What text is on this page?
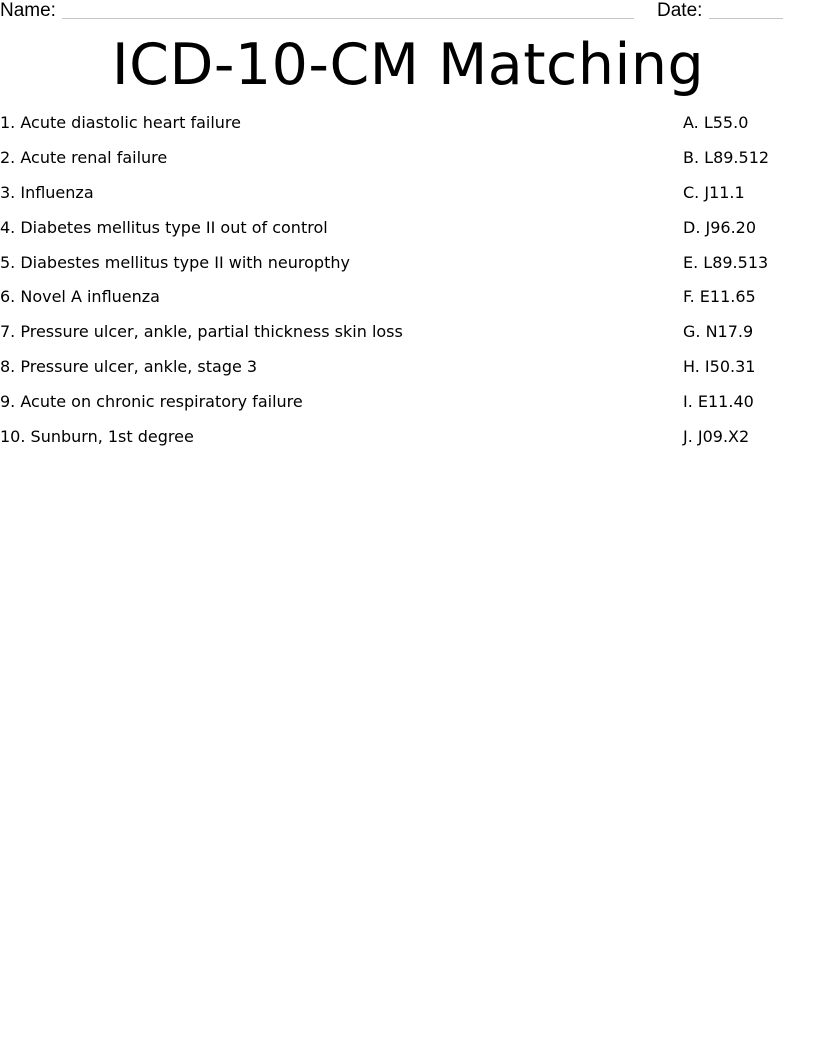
Name:	Date:
ICD-10-CM Matching
1. Acute diastolic heart failure	A. L55.0
2. Acute renal failure	B. L89.512
3. Influenza	C. J11.1
4. Diabetes mellitus type II out of control	D. J96.20
5. Diabestes mellitus type II with neuropthy	E. L89.513
6. Novel A influenza	F. E11.65
7. Pressure ulcer, ankle, partial thickness skin loss	G. N17.9
8. Pressure ulcer, ankle, stage 3	H. I50.31
9. Acute on chronic respiratory failure	I. E11.40
10. Sunburn, 1st degree	J. J09.X2
